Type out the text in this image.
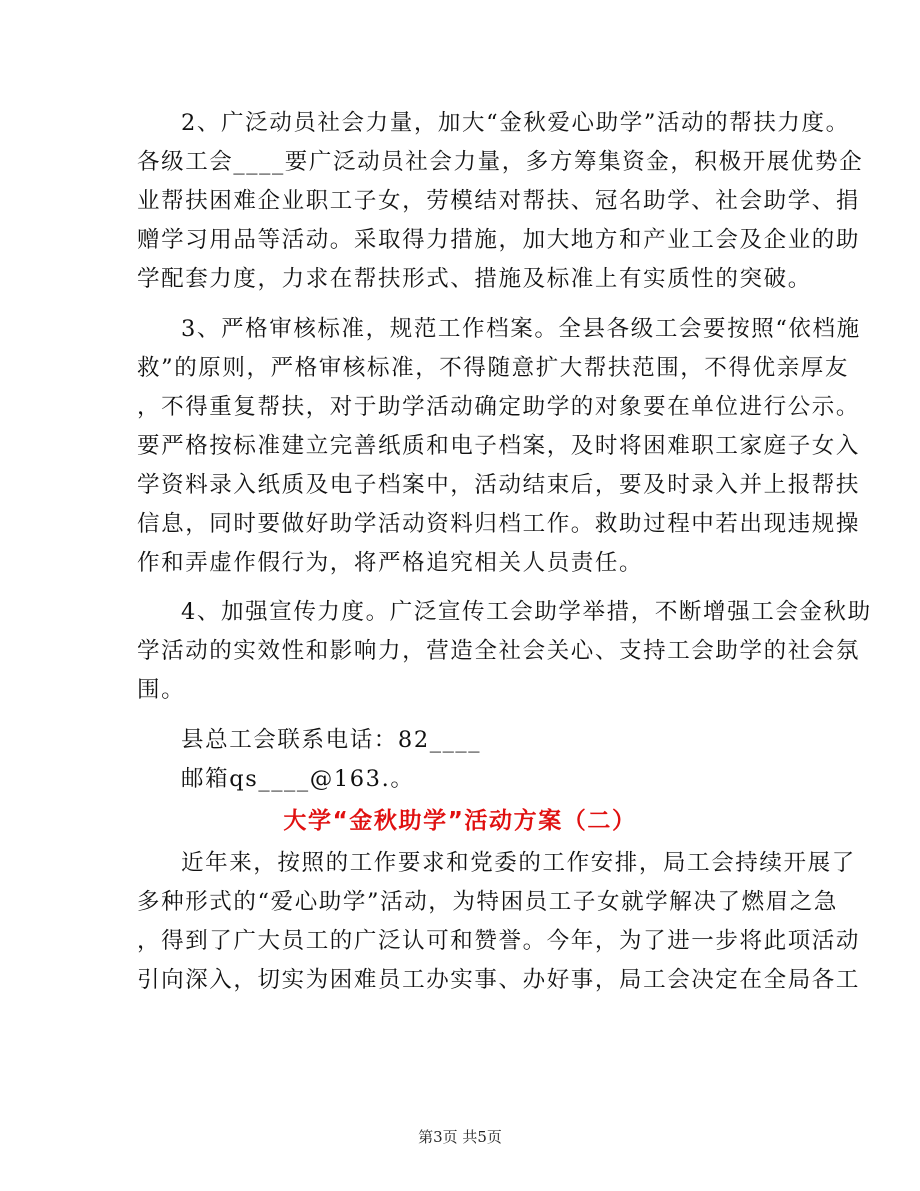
2、广泛动员社会力量，加大“金秋爱心助学”活动的帮扶力度。
各级工会____要广泛动员社会力量，多方筹集资金，积极开展优势企
业帮扶困难企业职工子女，劳模结对帮扶、冠名助学、社会助学、捐
赠学习用品等活动。采取得力措施，加大地方和产业工会及企业的助
学配套力度，力求在帮扶形式、措施及标准上有实质性的突破。
3、严格审核标准，规范工作档案。全县各级工会要按照“依档施
救”的原则，严格审核标准，不得随意扩大帮扶范围，不得优亲厚友
，不得重复帮扶，对于助学活动确定助学的对象要在单位进行公示。
要严格按标准建立完善纸质和电子档案，及时将困难职工家庭子女入
学资料录入纸质及电子档案中，活动结束后，要及时录入并上报帮扶
信息，同时要做好助学活动资料归档工作。救助过程中若出现违规操
作和弄虚作假行为，将严格追究相关人员责任。
4、加强宣传力度。广泛宣传工会助学举措，不断增强工会金秋助
学活动的实效性和影响力，营造全社会关心、支持工会助学的社会氛
围。
县总工会联系电话：82____
邮箱qs____@163.。
大学“金秋助学”活动方案（二）
近年来，按照的工作要求和党委的工作安排，局工会持续开展了
多种形式的“爱心助学”活动，为特困员工子女就学解决了燃眉之急
，得到了广大员工的广泛认可和赞誉。今年，为了进一步将此项活动
引向深入，切实为困难员工办实事、办好事，局工会决定在全局各工
第3页 共5页
